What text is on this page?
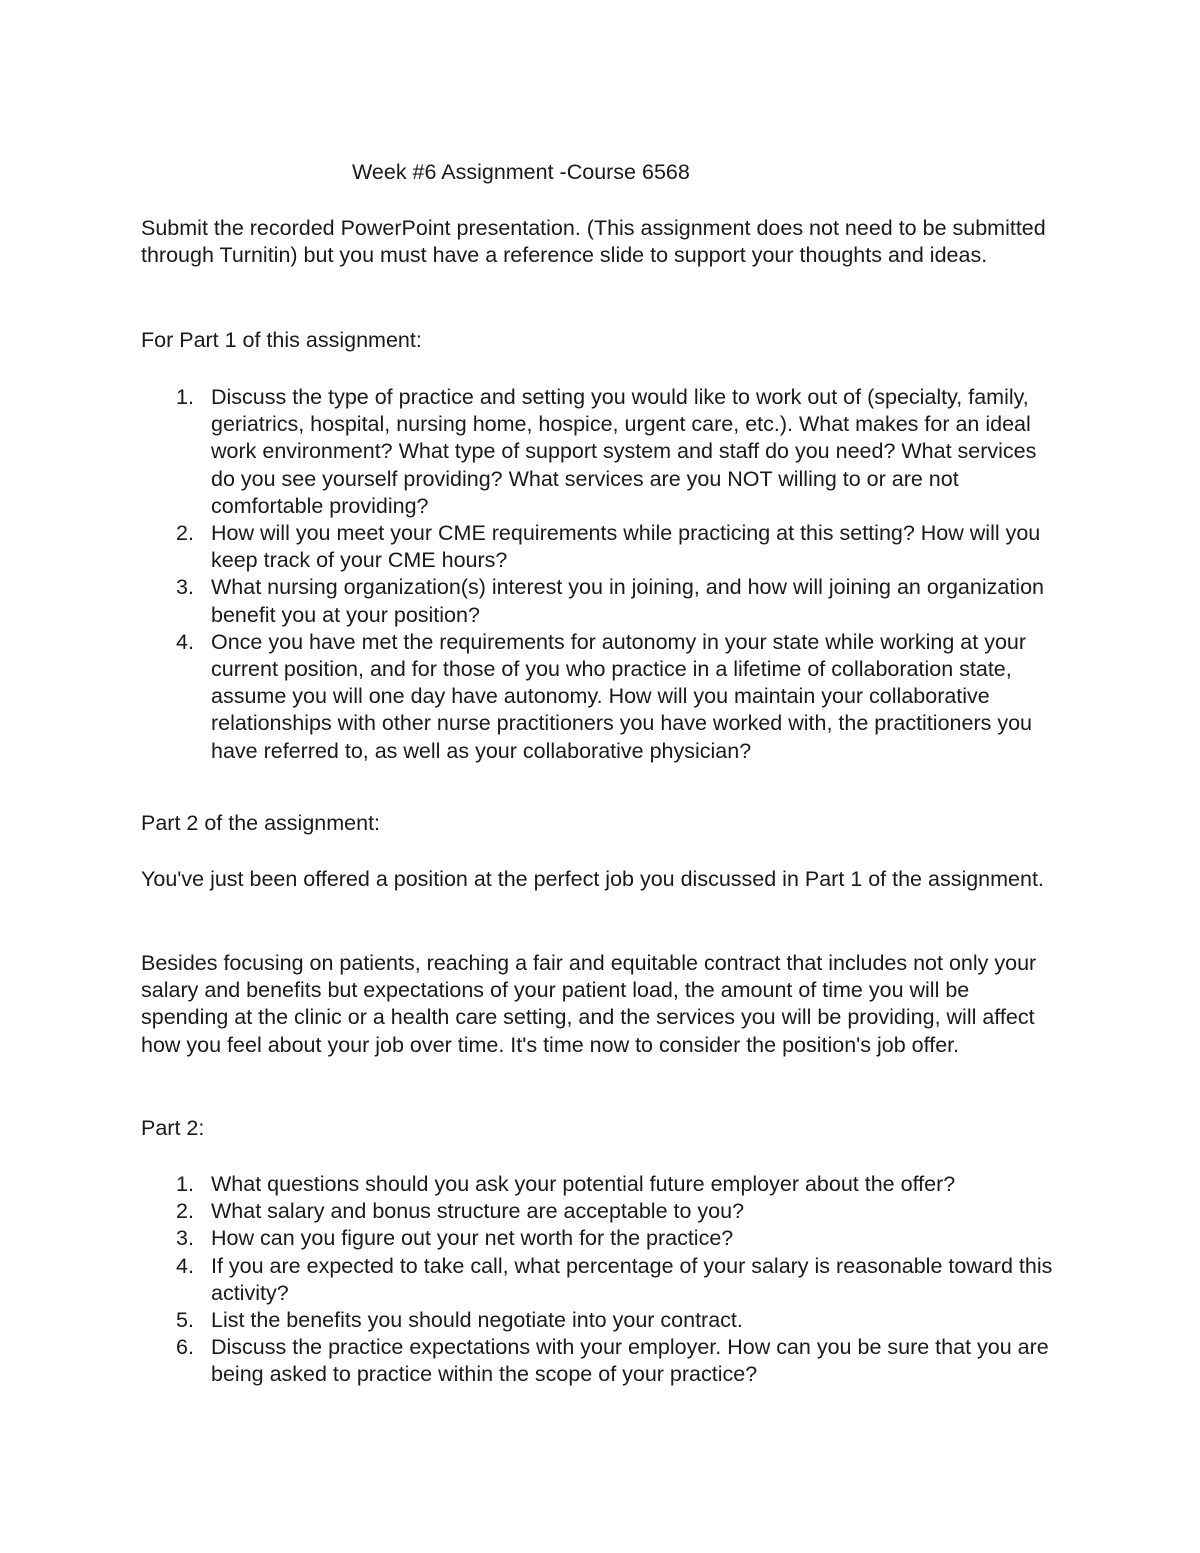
Week #6 Assignment -Course 6568

Submit the recorded PowerPoint presentation. (This assignment does not need to be submitted through Turnitin) but you must have a reference slide to support your thoughts and ideas.

For Part 1 of this assignment:

1. Discuss the type of practice and setting you would like to work out of (specialty, family, geriatrics, hospital, nursing home, hospice, urgent care, etc.). What makes for an ideal work environment? What type of support system and staff do you need? What services do you see yourself providing? What services are you NOT willing to or are not comfortable providing?
2. How will you meet your CME requirements while practicing at this setting? How will you keep track of your CME hours?
3. What nursing organization(s) interest you in joining, and how will joining an organization benefit you at your position?
4. Once you have met the requirements for autonomy in your state while working at your current position, and for those of you who practice in a lifetime of collaboration state, assume you will one day have autonomy. How will you maintain your collaborative relationships with other nurse practitioners you have worked with, the practitioners you have referred to, as well as your collaborative physician?

Part 2 of the assignment:

You've just been offered a position at the perfect job you discussed in Part 1 of the assignment.

Besides focusing on patients, reaching a fair and equitable contract that includes not only your salary and benefits but expectations of your patient load, the amount of time you will be spending at the clinic or a health care setting, and the services you will be providing, will affect how you feel about your job over time. It's time now to consider the position's job offer.

Part 2:

1. What questions should you ask your potential future employer about the offer?
2. What salary and bonus structure are acceptable to you?
3. How can you figure out your net worth for the practice?
4. If you are expected to take call, what percentage of your salary is reasonable toward this activity?
5. List the benefits you should negotiate into your contract.
6. Discuss the practice expectations with your employer. How can you be sure that you are being asked to practice within the scope of your practice?
